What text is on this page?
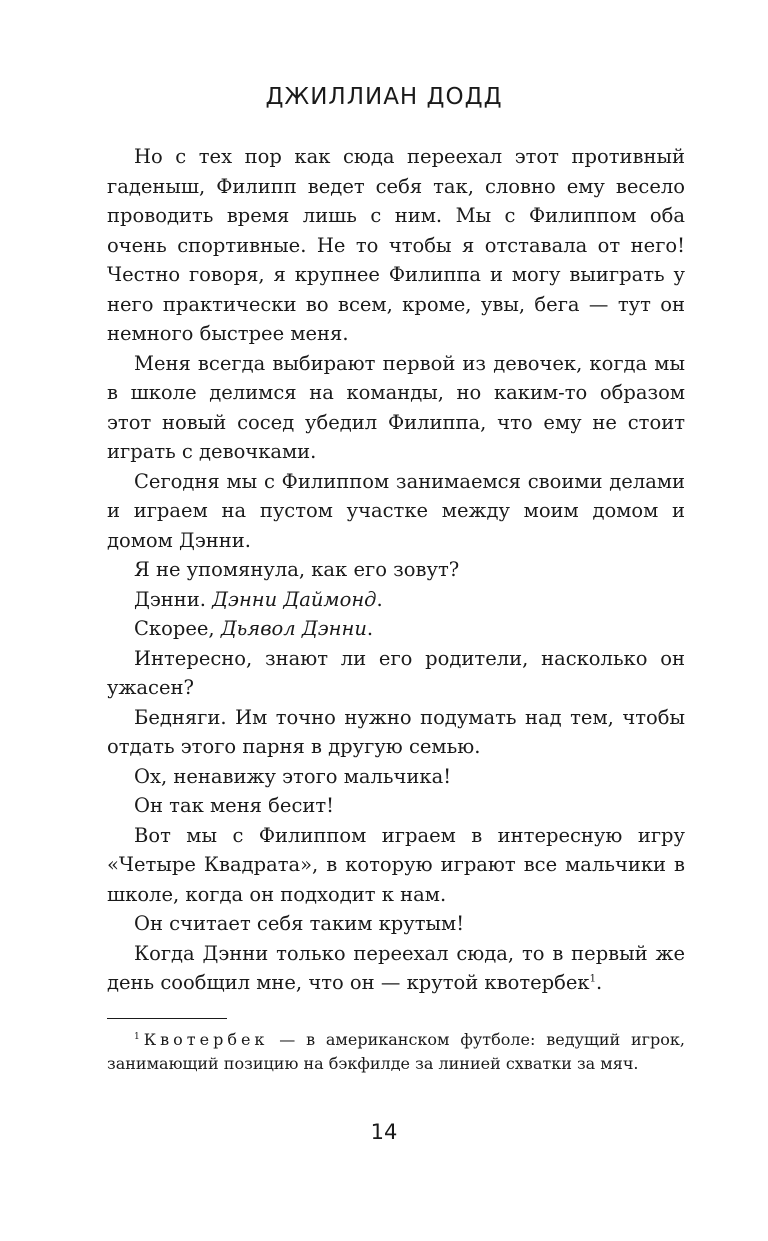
ДЖИЛЛИАН ДОДД

Но с тех пор как сюда переехал этот противный гаденыш, Филипп ведет себя так, словно ему весело проводить время лишь с ним. Мы с Филиппом оба очень спортивные. Не то чтобы я отставала от него! Честно говоря, я крупнее Филиппа и могу выиграть у него практически во всем, кроме, увы, бега — тут он немного быстрее меня.

Меня всегда выбирают первой из девочек, когда мы в школе делимся на команды, но каким-то образом этот новый сосед убедил Филиппа, что ему не стоит играть с девочками.

Сегодня мы с Филиппом занимаемся своими делами и играем на пустом участке между моим домом и домом Дэнни.

Я не упомянула, как его зовут?

Дэнни. Дэнни Даймонд.

Скорее, Дьявол Дэнни.

Интересно, знают ли его родители, насколько он ужасен?

Бедняги. Им точно нужно подумать над тем, чтобы отдать этого парня в другую семью.

Ох, ненавижу этого мальчика!

Он так меня бесит!

Вот мы с Филиппом играем в интересную игру «Четыре Квадрата», в которую играют все мальчики в школе, когда он подходит к нам.

Он считает себя таким крутым!

Когда Дэнни только переехал сюда, то в первый же день сообщил мне, что он — крутой квотербек$^1$.

$^1$ Квотербек — в американском футболе: ведущий игрок, занимающий позицию на бэкфилде за линией схватки за мяч.

14
